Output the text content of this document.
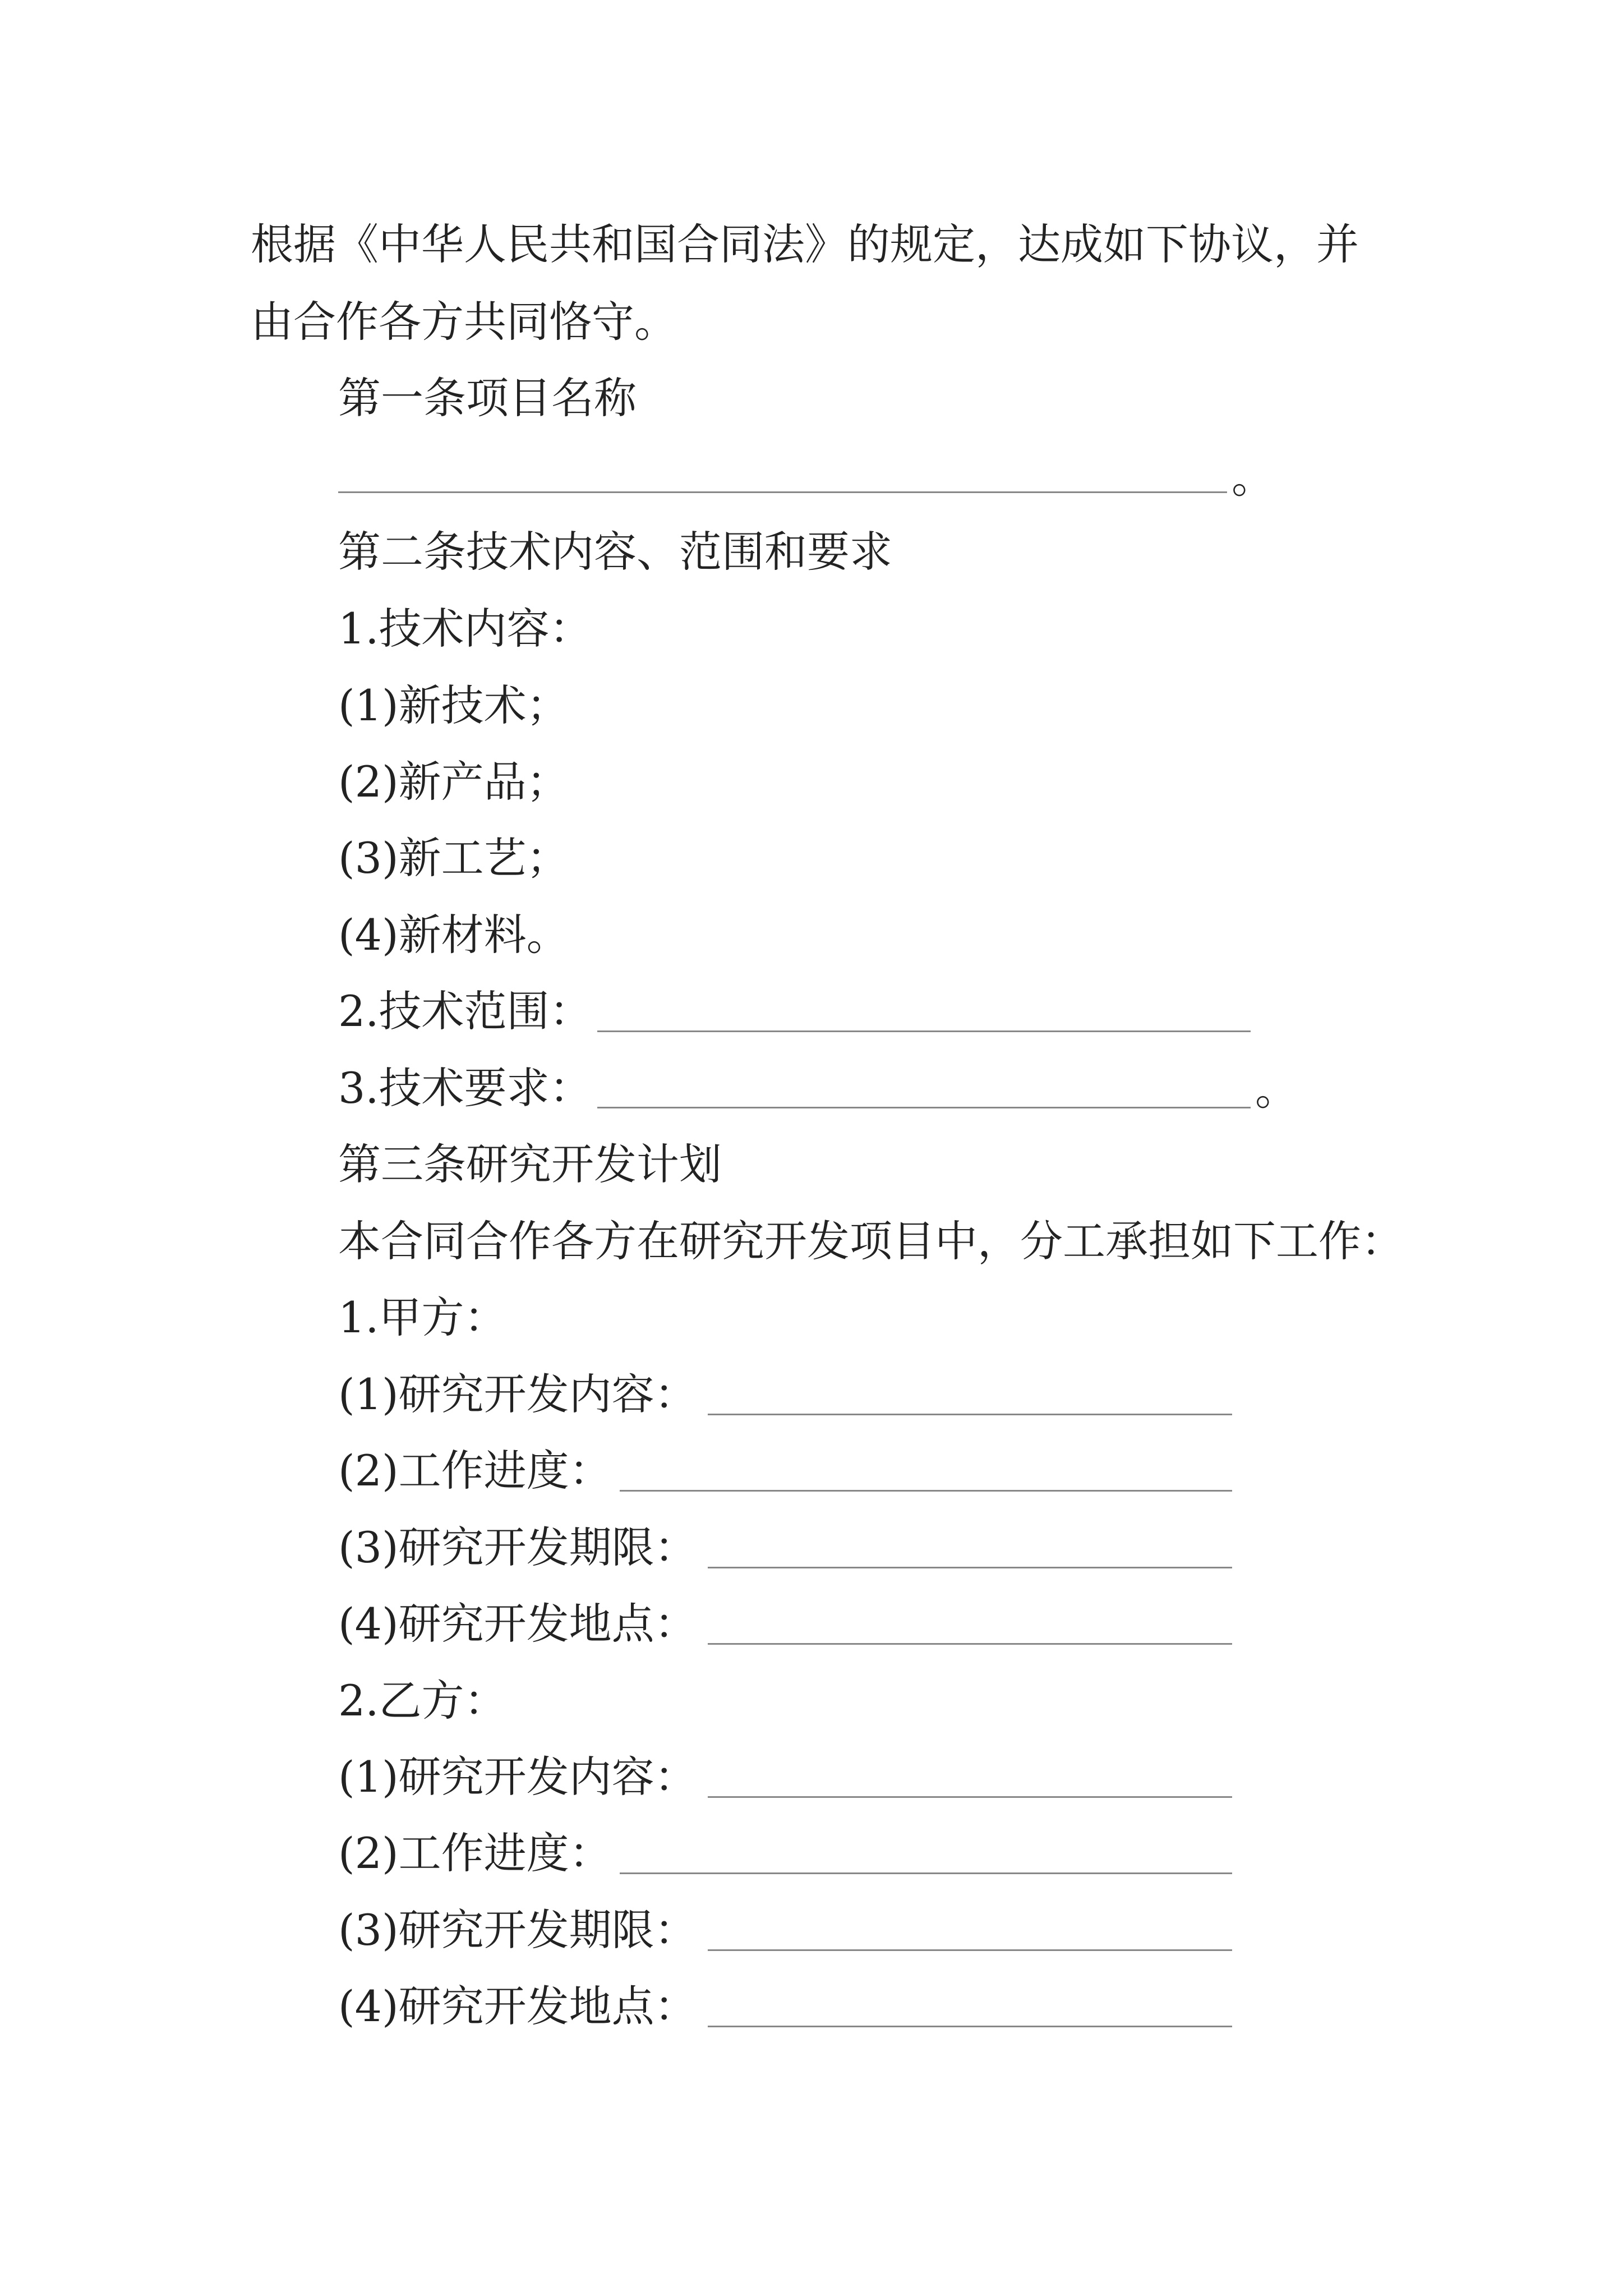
根据《中华人民共和国合同法》的规定，达成如下协议，并
由合作各方共同恪守。
第一条项目名称
。
第二条技术内容、范围和要求
1.技术内容：
(1)新技术；
(2)新产品；
(3)新工艺；
(4)新材料。
2.技术范围：
3.技术要求：	。
第三条研究开发计划
本合同合作各方在研究开发项目中，分工承担如下工作：
1.甲方：
(1)研究开发内容：
(2)工作进度：
(3)研究开发期限：
(4)研究开发地点：
2.乙方：
(1)研究开发内容：
(2)工作进度：
(3)研究开发期限：
(4)研究开发地点：
